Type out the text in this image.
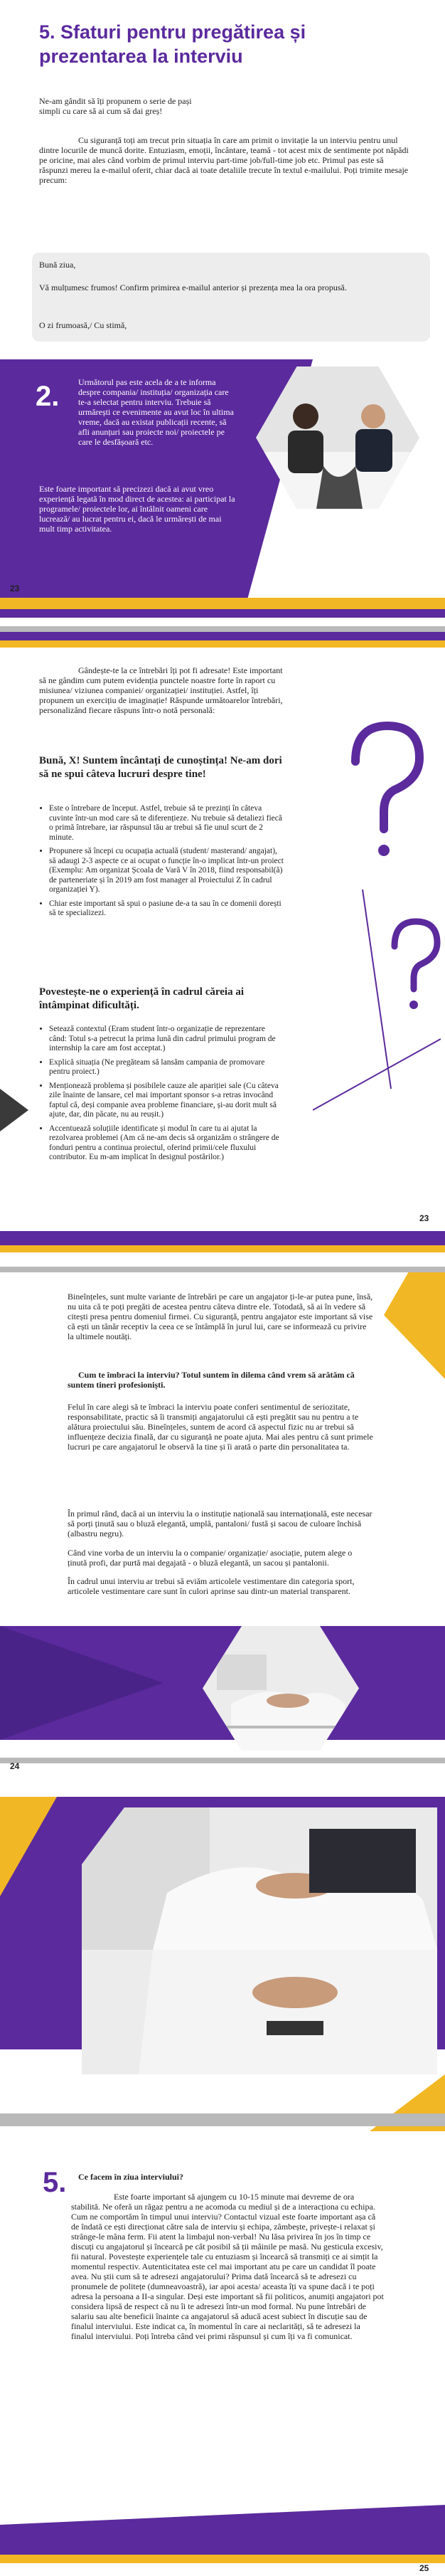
5. Sfaturi pentru pregătirea și prezentarea la interviu
Ne-am gândit să îți propunem o serie de pași simpli cu care să ai cum să dai greș!
Cu siguranță toți am trecut prin situația în care am primit o invitație la un interviu pentru unul dintre locurile de muncă dorite. Entuziasm, emoții, încântare, teamă - tot acest mix de sentimente pot năpădi pe oricine, mai ales când vorbim de primul interviu part-time job/full-time job etc. Primul pas este să răspunzi mereu la e-mailul oferit, chiar dacă ai toate detaliile trecute în textul e-mailului. Poți trimite mesaje precum:
Bună ziua,
Vă mulțumesc frumos! Confirm primirea e-mailul anterior și prezența mea la ora propusă.
O zi frumoasă,/ Cu stimă,
2. Următorul pas este acela de a te informa despre compania/ instituția/ organizația care te-a selectat pentru interviu. Trebuie să urmărești ce evenimente au avut loc în ultima vreme, dacă au existat publicații recente, să afli anunțuri sau proiecte noi/ proiectele pe care le desfășoară etc.
Este foarte important să precizezi dacă ai avut vreo experiență legată în mod direct de acestea: ai participat la programele/ proiectele lor, ai întâlnit oameni care lucrează/ au lucrat pentru ei, dacă le urmărești de mai mult timp activitatea.
23
Gândește-te la ce întrebări îți pot fi adresate! Este important să ne gândim cum putem evidenția punctele noastre forte în raport cu misiunea/ viziunea companiei/ organizației/ instituției. Astfel, îți propunem un exercițiu de imaginație! Răspunde următoarelor întrebări, personalizând fiecare răspuns într-o notă personală:
Bună, X! Suntem încântați de cunoștința! Ne-am dori să ne spui câteva lucruri despre tine!
• Este o întrebare de început. Astfel, trebuie să te prezinți în câteva cuvinte într-un mod care să te diferențieze. Nu trebuie să detaliezi fiecă o primă întrebare, iar răspunsul tău ar trebui să fie unul scurt de 2 minute.
• Propunere să începi cu ocupația actuală (student/ masterand/ angajat), să adaugi 2-3 aspecte ce ai ocupat o funcție în-o implicat într-un proiect (Exemplu: Am organizat Școala de Vară V în 2018, fiind responsabil(ă) de parteneriate și în 2019 am fost manager al Proiectului Z în cadrul organizației Y).
• Chiar este important să spui o pasiune de-a ta sau în ce domenii dorești să te specializezi.
Povestește-ne o experiență în cadrul căreia ai întâmpinat dificultăți.
• Setează contextul (Eram student într-o organizație de reprezentare când: Totul s-a petrecut la prima lună din cadrul primului program de internship la care am fost acceptat.)
• Explică situația (Ne pregăteam să lansăm campania de promovare pentru proiect.)
• Menționează problema și posibilele cauze ale apariției sale (Cu câteva zile înainte de lansare, cel mai important sponsor s-a retras invocând faptul că, deși companie avea probleme financiare, și-au dorit mult să ajute, dar, din păcate, nu au reușit.)
• Accentuează soluțiile identificate și modul în care tu ai ajutat la rezolvarea problemei (Am că ne-am decis să organizăm o strângere de fonduri pentru a continua proiectul, oferind primii/cele fluxului contributor. Eu m-am implicat în designul postărilor.)
23
Bineînțeles, sunt multe variante de întrebări pe care un angajator ți-le-ar putea pune, însă, nu uita că te poți pregăti de acestea pentru câteva dintre ele. Totodată, să ai în vedere să citești presa pentru domeniul firmei. Cu siguranță, pentru angajator este important să vise că ești un tânăr receptiv la ceea ce se întâmplă în jurul lui, care se informează cu privire la ultimele noutăți.
Cum te îmbraci la interviu? Totul suntem în dilema când vrem să arătăm că suntem tineri profesioniști.
Felul în care alegi să te îmbraci la interviu poate conferi sentimentul de seriozitate, responsabilitate, practic să îi transmiți angajatorului că ești pregătit sau nu pentru a te alătura proiectului său. Bineînțeles, suntem de acord că aspectul fizic nu ar trebui să influențeze decizia finală, dar cu siguranță ne poate ajuta. Mai ales pentru că sunt primele lucruri pe care angajatorul le observă la tine și îi arată o parte din personalitatea ta.
În primul rând, dacă ai un interviu la o instituție națională sau internațională, este necesar să porți ținută sau o bluză elegantă, umplă, pantaloni/ fustă și sacou de culoare închisă (albastru negru).
Când vine vorba de un interviu la o companie/ organizație/ asociație, putem alege o ținută profi, dar purtă mai degajată - o bluză elegantă, un sacou și pantalonii.
În cadrul unui interviu ar trebui să eviăm articolele vestimentare din categoria sport, articolele vestimentare care sunt în culori aprinse sau dintr-un material transparent.
24
5. Ce facem în ziua interviului?
Este foarte important să ajungem cu 10-15 minute mai devreme de ora stabilită. Ne oferă un răgaz pentru a ne acomoda cu mediul și de a interacționa cu echipa. Cum ne comportăm în timpul unui interviu? Contactul vizual este foarte important așa că de îndată ce ești direcționat către sala de interviu și echipa, zâmbește, privește-i relaxat și strânge-le mâna ferm. Fii atent la limbajul non-verbal! Nu lăsa privirea în jos în timp ce discuți cu angajatorul și încearcă pe cât posibil să ții mâinile pe masă. Nu gesticula excesiv, fii natural. Povestește experiențele tale cu entuziasm și încearcă să transmiți ce ai simțit la momentul respectiv. Autenticitatea este cel mai important atu pe care un candidat îl poate avea. Nu știi cum să te adresezi angajatorului? Prima dată încearcă să te adresezi cu pronumele de politețe (dumneavoastră), iar apoi acesta/ aceasta îți va spune dacă i te poți adresa la persoana a II-a singular. Deși este important să fii politicos, anumiți angajatori pot considera lipsă de respect că nu îi te adresezi într-un mod formal. Nu pune întrebări de salariu sau alte beneficii înainte ca angajatorul să aducă acest subiect în discuție sau de finalul interviului. Este indicat ca, în momentul în care ai neclarități, să te adresezi la finalul interviului. Poți întreba când vei primi răspunsul și cum îți va fi comunicat.
25
